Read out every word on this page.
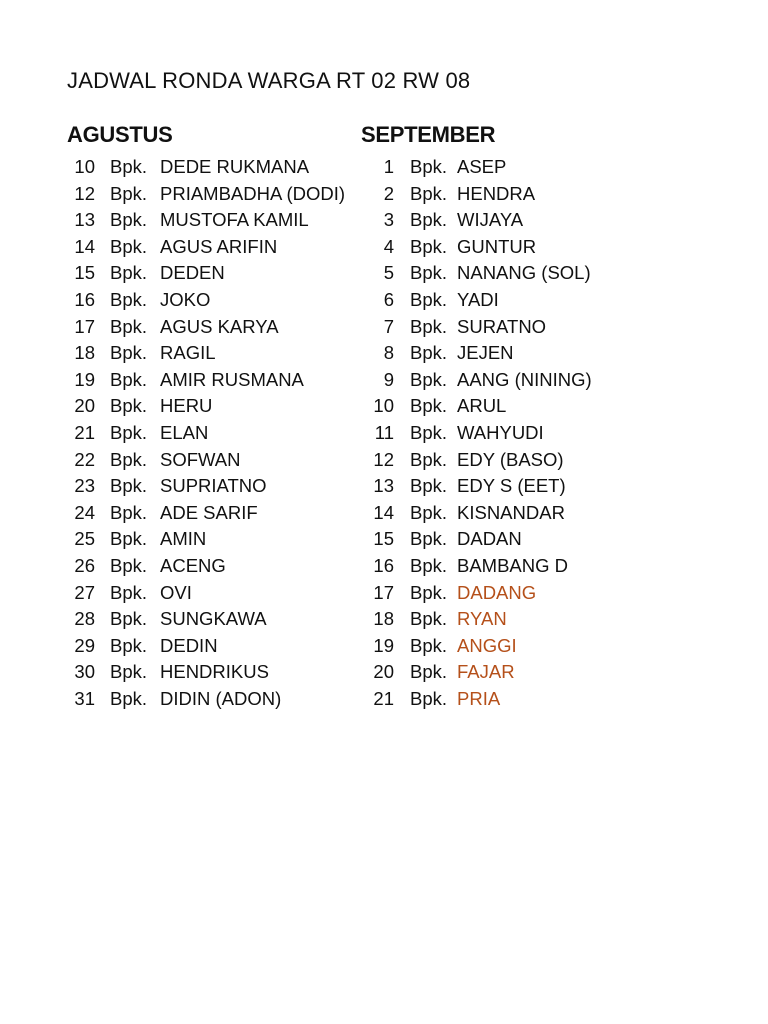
JADWAL RONDA WARGA RT 02 RW 08
AGUSTUS
10 Bpk. DEDE RUKMANA
12 Bpk. PRIAMBADHA (DODI)
13 Bpk. MUSTOFA KAMIL
14 Bpk. AGUS ARIFIN
15 Bpk. DEDEN
16 Bpk. JOKO
17 Bpk. AGUS KARYA
18 Bpk. RAGIL
19 Bpk. AMIR RUSMANA
20 Bpk. HERU
21 Bpk. ELAN
22 Bpk. SOFWAN
23 Bpk. SUPRIATNO
24 Bpk. ADE SARIF
25 Bpk. AMIN
26 Bpk. ACENG
27 Bpk. OVI
28 Bpk. SUNGKAWA
29 Bpk. DEDIN
30 Bpk. HENDRIKUS
31 Bpk. DIDIN (ADON)
SEPTEMBER
1 Bpk. ASEP
2 Bpk. HENDRA
3 Bpk. WIJAYA
4 Bpk. GUNTUR
5 Bpk. NANANG (SOL)
6 Bpk. YADI
7 Bpk. SURATNO
8 Bpk. JEJEN
9 Bpk. AANG (NINING)
10 Bpk. ARUL
11 Bpk. WAHYUDI
12 Bpk. EDY (BASO)
13 Bpk. EDY S (EET)
14 Bpk. KISNANDAR
15 Bpk. DADAN
16 Bpk. BAMBANG D
17 Bpk. DADANG
18 Bpk. RYAN
19 Bpk. ANGGI
20 Bpk. FAJAR
21 Bpk. PRIA
